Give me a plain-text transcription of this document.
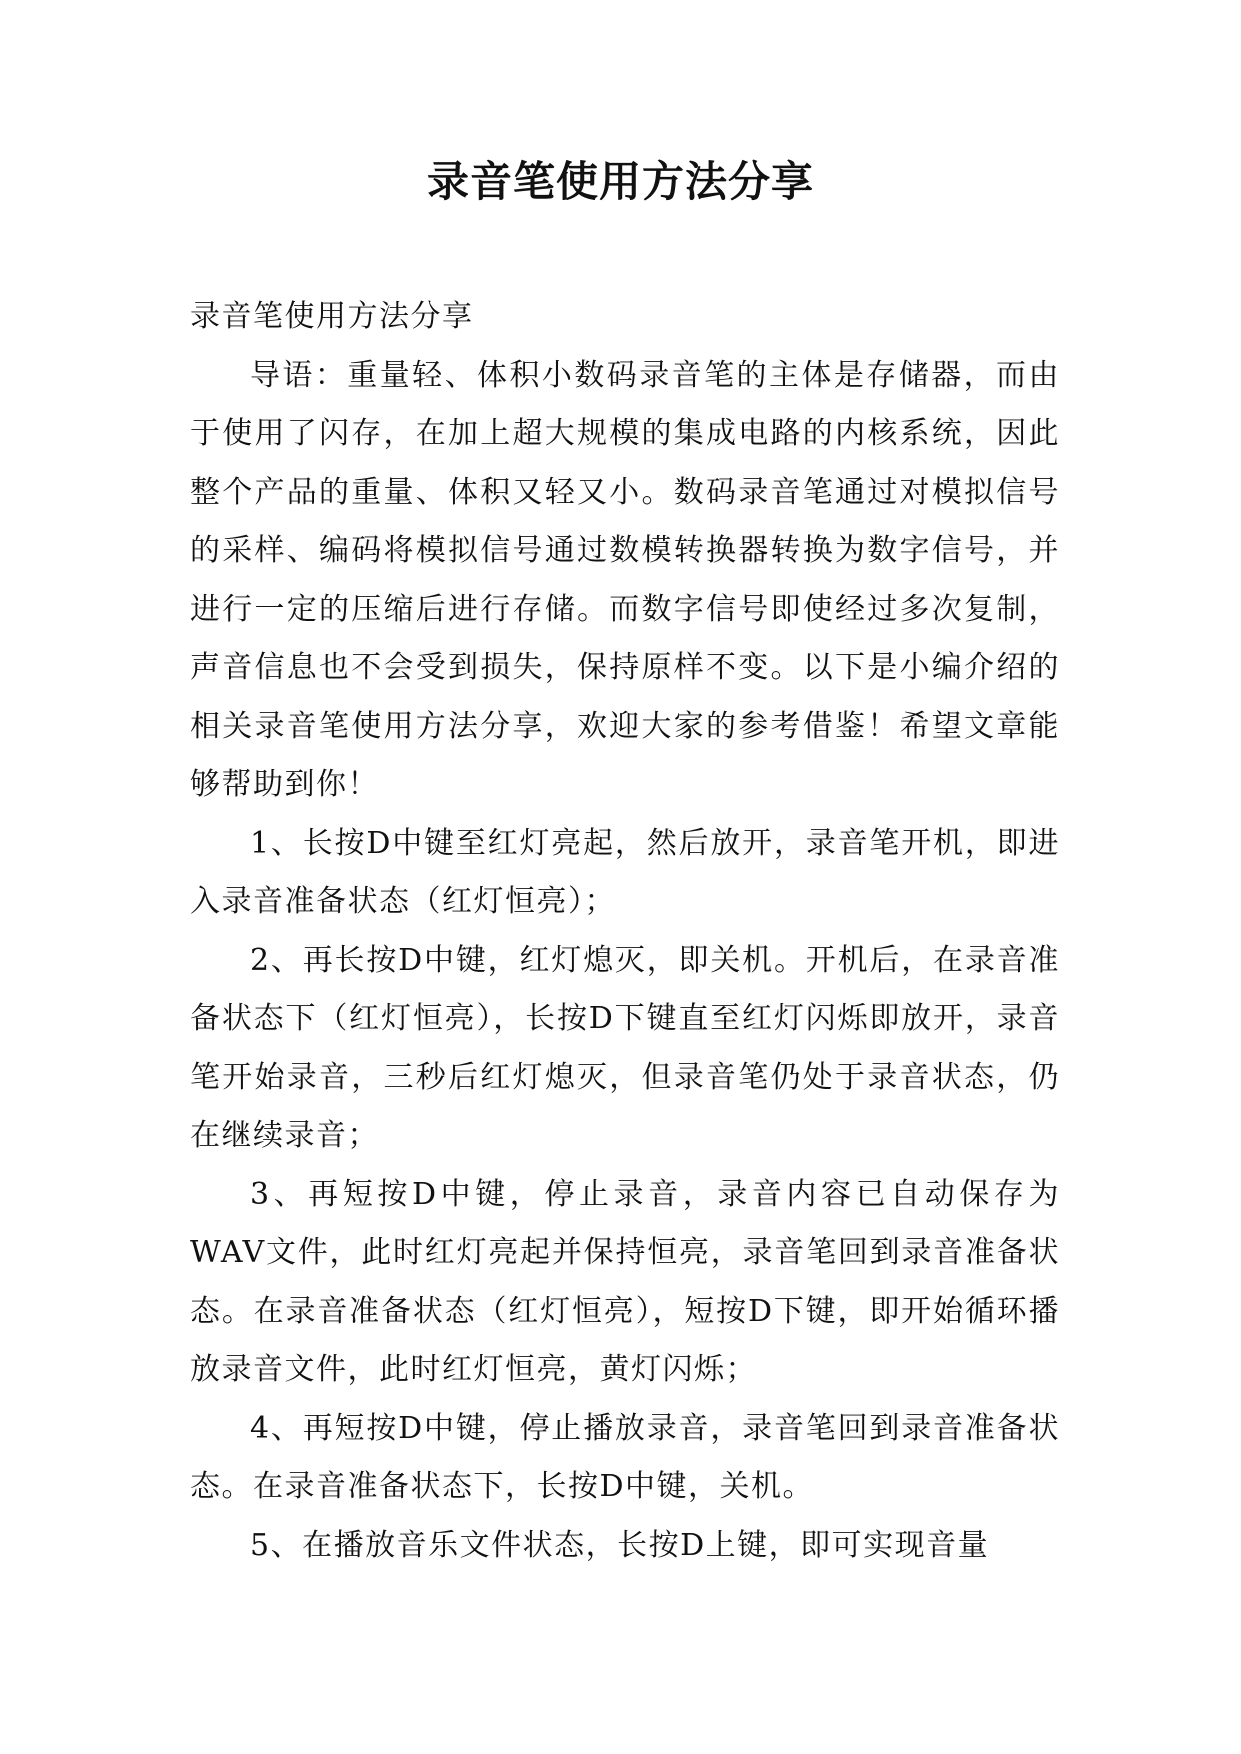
录音笔使用方法分享

录音笔使用方法分享

导语：重量轻、体积小数码录音笔的主体是存储器，而由于使用了闪存，在加上超大规模的集成电路的内核系统，因此整个产品的重量、体积又轻又小。数码录音笔通过对模拟信号的采样、编码将模拟信号通过数模转换器转换为数字信号，并进行一定的压缩后进行存储。而数字信号即使经过多次复制，声音信息也不会受到损失，保持原样不变。以下是小编介绍的相关录音笔使用方法分享，欢迎大家的参考借鉴！希望文章能够帮助到你！

1、长按D中键至红灯亮起，然后放开，录音笔开机，即进入录音准备状态（红灯恒亮）；

2、再长按D中键，红灯熄灭，即关机。开机后，在录音准备状态下（红灯恒亮），长按D下键直至红灯闪烁即放开，录音笔开始录音，三秒后红灯熄灭，但录音笔仍处于录音状态，仍在继续录音；

3、再短按D中键，停止录音，录音内容已自动保存为WAV文件，此时红灯亮起并保持恒亮，录音笔回到录音准备状态。在录音准备状态（红灯恒亮），短按D下键，即开始循环播放录音文件，此时红灯恒亮，黄灯闪烁；

4、再短按D中键，停止播放录音，录音笔回到录音准备状态。在录音准备状态下，长按D中键，关机。

5、在播放音乐文件状态，长按D上键，即可实现音量
